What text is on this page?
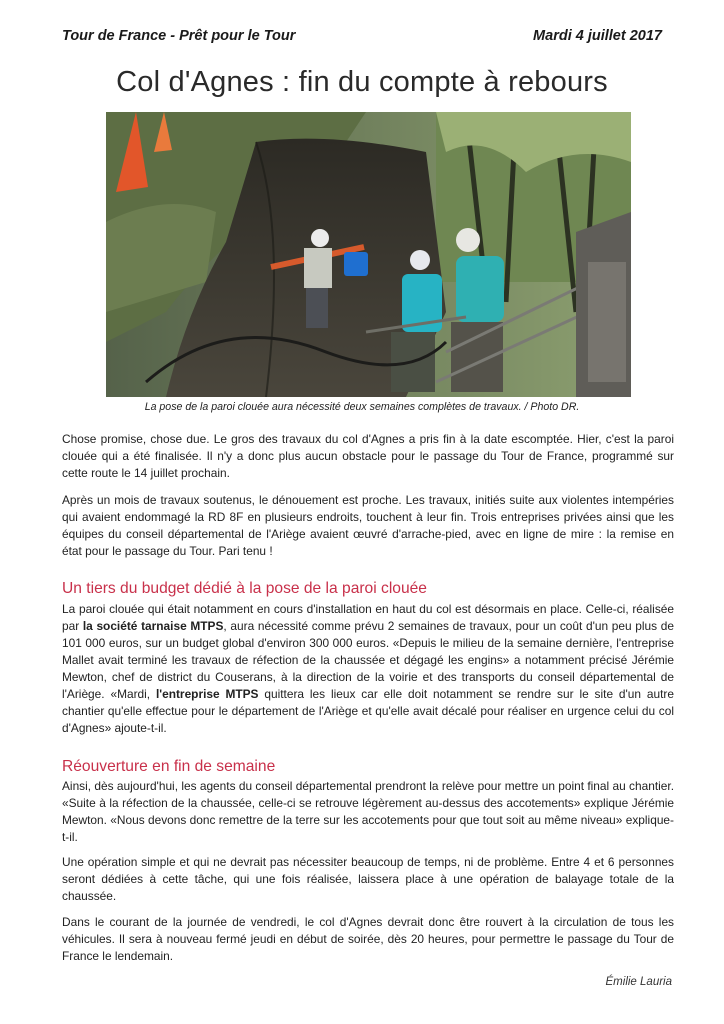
Tour de France - Prêt pour le Tour	Mardi 4 juillet 2017
Col d'Agnes : fin du compte à rebours
La pose de la paroi clouée aura nécessité deux semaines complètes de travaux. / Photo DR.
Chose promise, chose due. Le gros des travaux du col d'Agnes a pris fin à la date escomptée. Hier, c'est la paroi clouée qui a été finalisée. Il n'y a donc plus aucun obstacle pour le passage du Tour de France, programmé sur cette route le 14 juillet prochain.
Après un mois de travaux soutenus, le dénouement est proche. Les travaux, initiés suite aux violentes intempéries qui avaient endommagé la RD 8F en plusieurs endroits, touchent à leur fin. Trois entreprises privées ainsi que les équipes du conseil départemental de l'Ariège avaient œuvré d'arrache-pied, avec en ligne de mire : la remise en état pour le passage du Tour. Pari tenu !
Un tiers du budget dédié à la pose de la paroi clouée
La paroi clouée qui était notamment en cours d'installation en haut du col est désormais en place. Celle-ci, réalisée par la société tarnaise MTPS, aura nécessité comme prévu 2 semaines de travaux, pour un coût d'un peu plus de 101 000 euros, sur un budget global d'environ 300 000 euros. «Depuis le milieu de la semaine dernière, l'entreprise Mallet avait terminé les travaux de réfection de la chaussée et dégagé les engins» a notamment précisé Jérémie Mewton, chef de district du Couserans, à la direction de la voirie et des transports du conseil départemental de l'Ariège. «Mardi, l'entreprise MTPS quittera les lieux car elle doit notamment se rendre sur le site d'un autre chantier qu'elle effectue pour le département de l'Ariège et qu'elle avait décalé pour réaliser en urgence celui du col d'Agnes» ajoute-t-il.
Réouverture en fin de semaine
Ainsi, dès aujourd'hui, les agents du conseil départemental prendront la relève pour mettre un point final au chantier. «Suite à la réfection de la chaussée, celle-ci se retrouve légèrement au-dessus des accotements» explique Jérémie Mewton. «Nous devons donc remettre de la terre sur les accotements pour que tout soit au même niveau» explique-t-il.
Une opération simple et qui ne devrait pas nécessiter beaucoup de temps, ni de problème. Entre 4 et 6 personnes seront dédiées à cette tâche, qui une fois réalisée, laissera place à une opération de balayage totale de la chaussée.
Dans le courant de la journée de vendredi, le col d'Agnes devrait donc être rouvert à la circulation de tous les véhicules. Il sera à nouveau fermé jeudi en début de soirée, dès 20 heures, pour permettre le passage du Tour de France le lendemain.
Émilie Lauria
